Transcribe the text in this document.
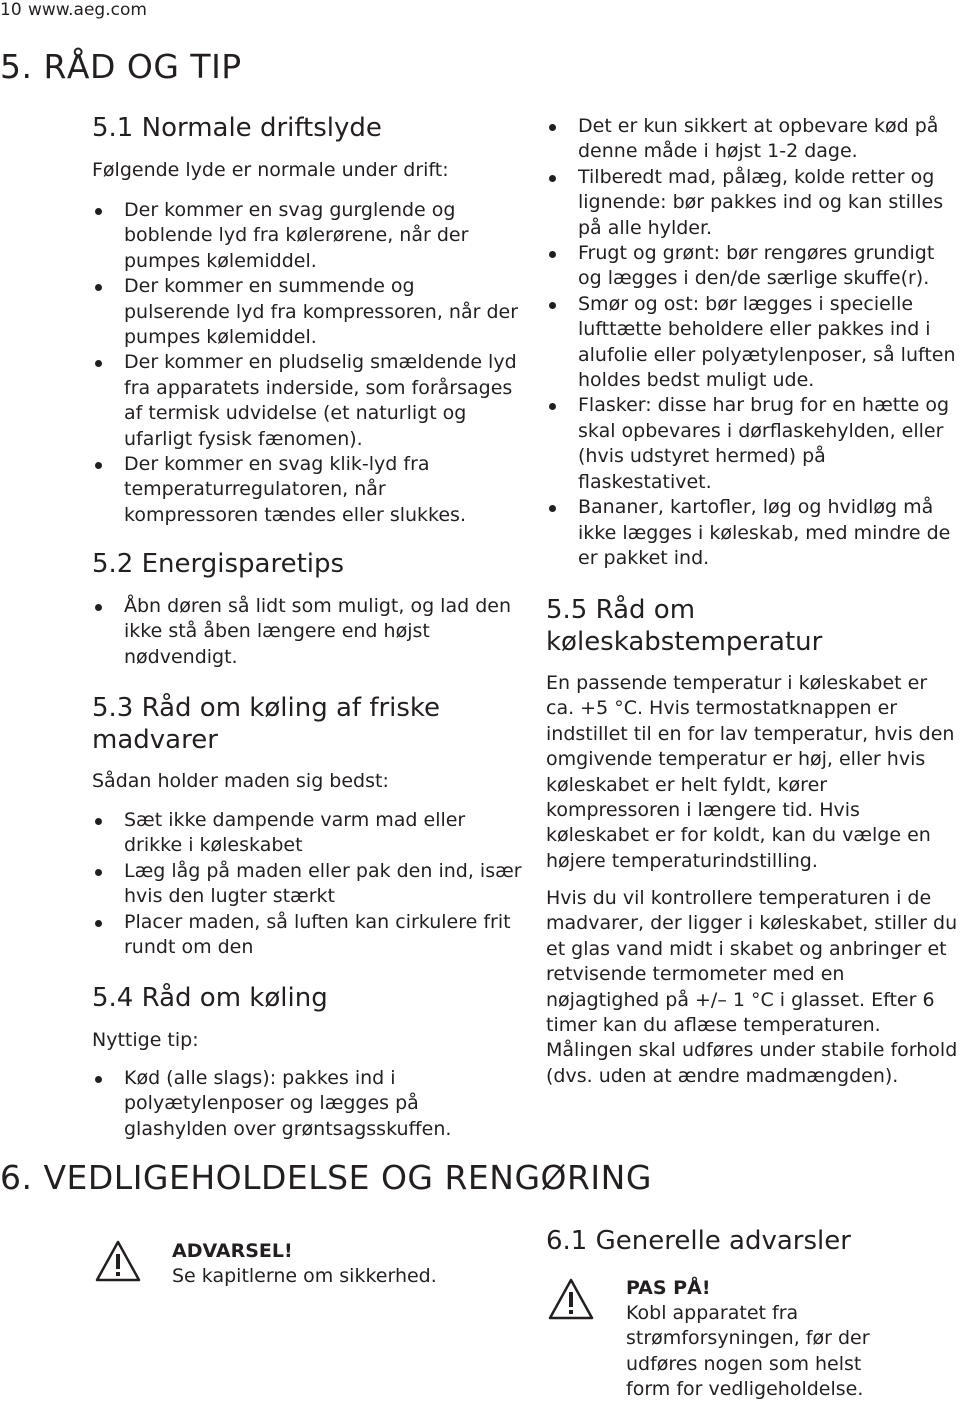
10 www.aeg.com
5. RÅD OG TIP
5.1 Normale driftslyde

Følgende lyde er normale under drift:

Der kommer en svag gurglende og boblende lyd fra kølerørene, når der pumpes kølemiddel.
Der kommer en summende og pulserende lyd fra kompressoren, når der pumpes kølemiddel.
Der kommer en pludselig smældende lyd fra apparatets inderside, som forårsages af termisk udvidelse (et naturligt og ufarligt fysisk fænomen).
Der kommer en svag klik-lyd fra temperaturregulatoren, når kompressoren tændes eller slukkes.
5.2 Energisparetips
Åbn døren så lidt som muligt, og lad den ikke stå åben længere end højst nødvendigt.
5.3 Råd om køling af friske madvarer

Sådan holder maden sig bedst:

Sæt ikke dampende varm mad eller drikke i køleskabet
Læg låg på maden eller pak den ind, især hvis den lugter stærkt
Placer maden, så luften kan cirkulere frit rundt om den
5.4 Råd om køling

Nyttige tip:

Kød (alle slags): pakkes ind i polyætylenposer og lægges på glashylden over grøntsagsskuffen.
Det er kun sikkert at opbevare kød på denne måde i højst 1-2 dage.
Tilberedt mad, pålæg, kolde retter og lignende: bør pakkes ind og kan stilles på alle hylder.
Frugt og grønt: bør rengøres grundigt og lægges i den/de særlige skuffe(r).
Smør og ost: bør lægges i specielle lufttætte beholdere eller pakkes ind i alufolie eller polyætylenposer, så luften holdes bedst muligt ude.
Flasker: disse har brug for en hætte og skal opbevares i dørflaskehylden, eller (hvis udstyret hermed) på flaskestativet.
Bananer, kartofler, løg og hvidløg må ikke lægges i køleskab, med mindre de er pakket ind.
5.5 Råd om køleskabstemperatur

En passende temperatur i køleskabet er ca. +5 °C. Hvis termostatknappen er indstillet til en for lav temperatur, hvis den omgivende temperatur er høj, eller hvis køleskabet er helt fyldt, kører kompressoren i længere tid. Hvis køleskabet er for koldt, kan du vælge en højere temperaturindstilling.

Hvis du vil kontrollere temperaturen i de madvarer, der ligger i køleskabet, stiller du et glas vand midt i skabet og anbringer et retvisende termometer med en nøjagtighed på +/– 1 °C i glasset. Efter 6 timer kan du aflæse temperaturen. Målingen skal udføres under stabile forhold (dvs. uden at ændre madmængden).

6. VEDLIGEHOLDELSE OG RENGØRING
ADVARSEL!

Se kapitlerne om sikkerhed.

6.1 Generelle advarsler
PAS PÅ!

Kobl apparatet fra strømforsyningen, før der udføres nogen som helst form for vedligeholdelse.
